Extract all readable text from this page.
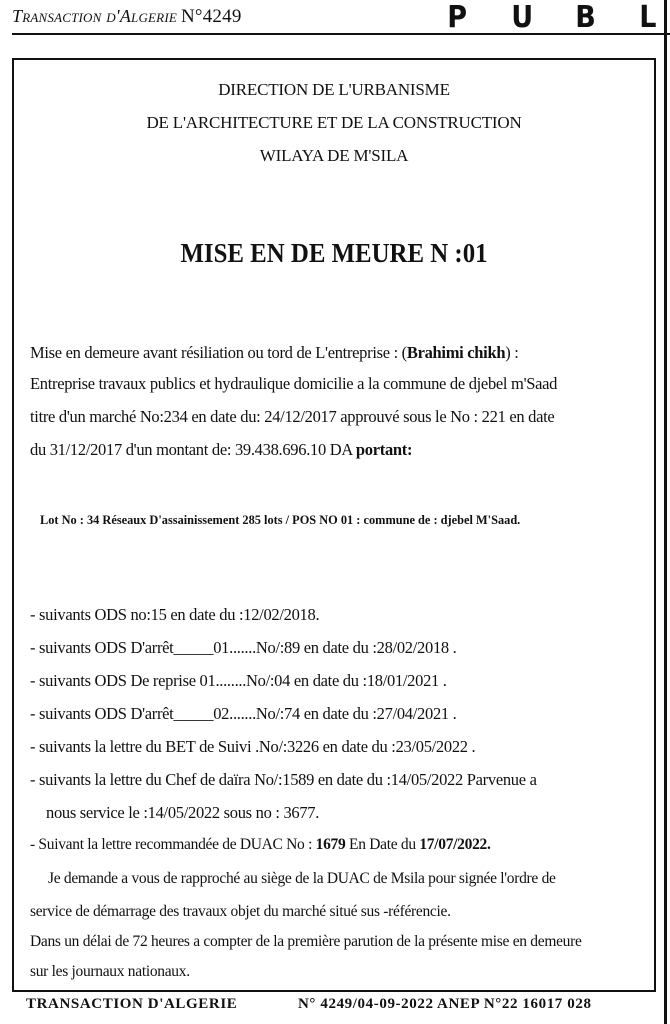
Transaction d'Algerie N°4249	P	U	B	L
DIRECTION DE L'URBANISME
DE L'ARCHITECTURE ET DE LA CONSTRUCTION
WILAYA DE M'SILA
MISE EN DE MEURE N :01
Mise en demeure avant résiliation ou tord de L'entreprise : (Brahimi chikh) :
Entreprise travaux publics et hydraulique domicilie a la commune de djebel m'Saad
titre d'un marché No:234 en date du: 24/12/2017 approuvé sous le No : 221 en date
du 31/12/2017 d'un montant de: 39.438.696.10 DA portant:
Lot No : 34 Réseaux D'assainissement 285 lots / POS NO 01 : commune de : djebel M'Saad.
- suivants ODS no:15 en date du :12/02/2018.
- suivants ODS D'arrêt_____01.......No/:89 en date du :28/02/2018 .
- suivants ODS De reprise 01........No/:04 en date du :18/01/2021 .
- suivants ODS D'arrêt_____02.......No/:74 en date du :27/04/2021 .
- suivants la lettre du BET de Suivi .No/:3226 en date du :23/05/2022 .
- suivants la lettre du Chef de daïra No/:1589 en date du :14/05/2022 Parvenue a
nous service le :14/05/2022 sous no : 3677.
- Suivant la lettre recommandée de DUAC No : 1679 En Date du 17/07/2022.
Je demande a vous de rapproché au siège de la DUAC de Msila pour signée l'ordre de
service de démarrage des travaux objet du marché situé sus -référencie.
Dans un délai de 72 heures a compter de la première parution de la présente mise en demeure
sur les journaux nationaux.
TRANSACTION D'ALGERIE	N° 4249/04-09-2022 ANEP N°22 16017 028
